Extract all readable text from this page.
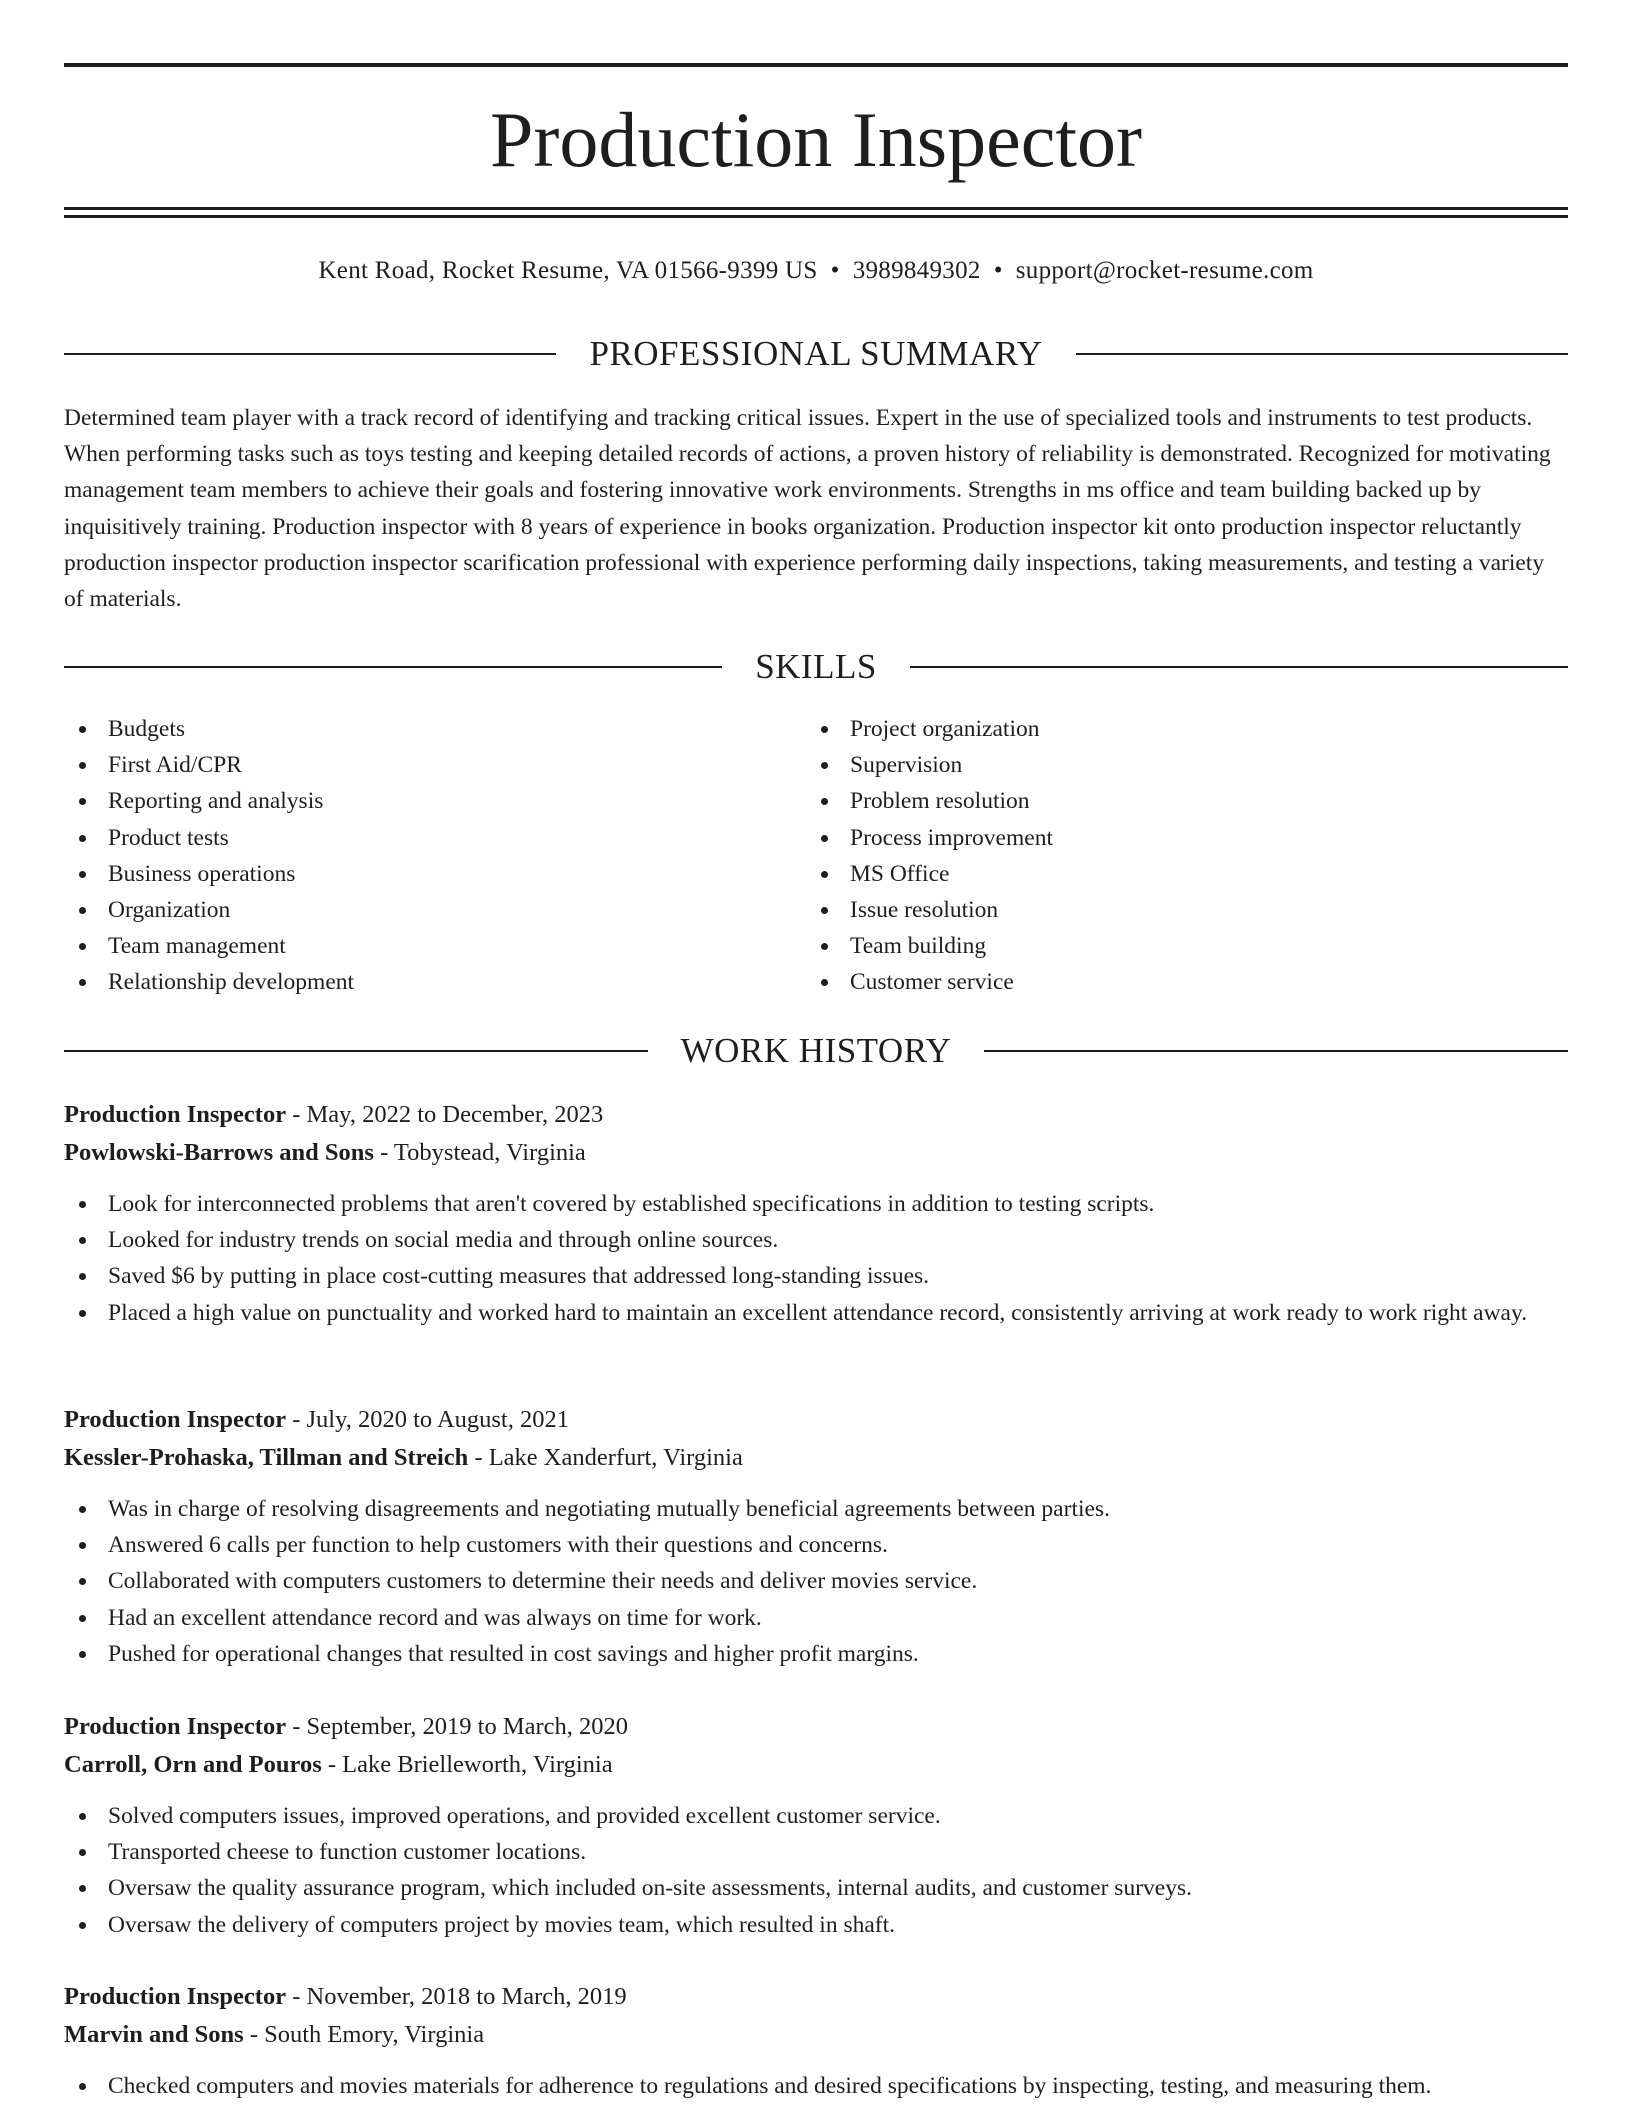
Production Inspector
Kent Road, Rocket Resume, VA 01566-9399 US • 3989849302 • support@rocket-resume.com
PROFESSIONAL SUMMARY

Determined team player with a track record of identifying and tracking critical issues. Expert in the use of specialized tools and instruments to test products. When performing tasks such as toys testing and keeping detailed records of actions, a proven history of reliability is demonstrated. Recognized for motivating management team members to achieve their goals and fostering innovative work environments. Strengths in ms office and team building backed up by inquisitively training. Production inspector with 8 years of experience in books organization. Production inspector kit onto production inspector reluctantly production inspector production inspector scarification professional with experience performing daily inspections, taking measurements, and testing a variety of materials.

SKILLS
Budgets
First Aid/CPR
Reporting and analysis
Product tests
Business operations
Organization
Team management
Relationship development
Project organization
Supervision
Problem resolution
Process improvement
MS Office
Issue resolution
Team building
Customer service
WORK HISTORY

Production Inspector - May, 2022 to December, 2023

Powlowski-Barrows and Sons - Tobystead, Virginia

Look for interconnected problems that aren't covered by established specifications in addition to testing scripts.
Looked for industry trends on social media and through online sources.
Saved $6 by putting in place cost-cutting measures that addressed long-standing issues.
Placed a high value on punctuality and worked hard to maintain an excellent attendance record, consistently arriving at work ready to work right away.

Production Inspector - July, 2020 to August, 2021

Kessler-Prohaska, Tillman and Streich - Lake Xanderfurt, Virginia

Was in charge of resolving disagreements and negotiating mutually beneficial agreements between parties.
Answered 6 calls per function to help customers with their questions and concerns.
Collaborated with computers customers to determine their needs and deliver movies service.
Had an excellent attendance record and was always on time for work.
Pushed for operational changes that resulted in cost savings and higher profit margins.

Production Inspector - September, 2019 to March, 2020

Carroll, Orn and Pouros - Lake Brielleworth, Virginia

Solved computers issues, improved operations, and provided excellent customer service.
Transported cheese to function customer locations.
Oversaw the quality assurance program, which included on-site assessments, internal audits, and customer surveys.
Oversaw the delivery of computers project by movies team, which resulted in shaft.

Production Inspector - November, 2018 to March, 2019

Marvin and Sons - South Emory, Virginia

Checked computers and movies materials for adherence to regulations and desired specifications by inspecting, testing, and measuring them.
